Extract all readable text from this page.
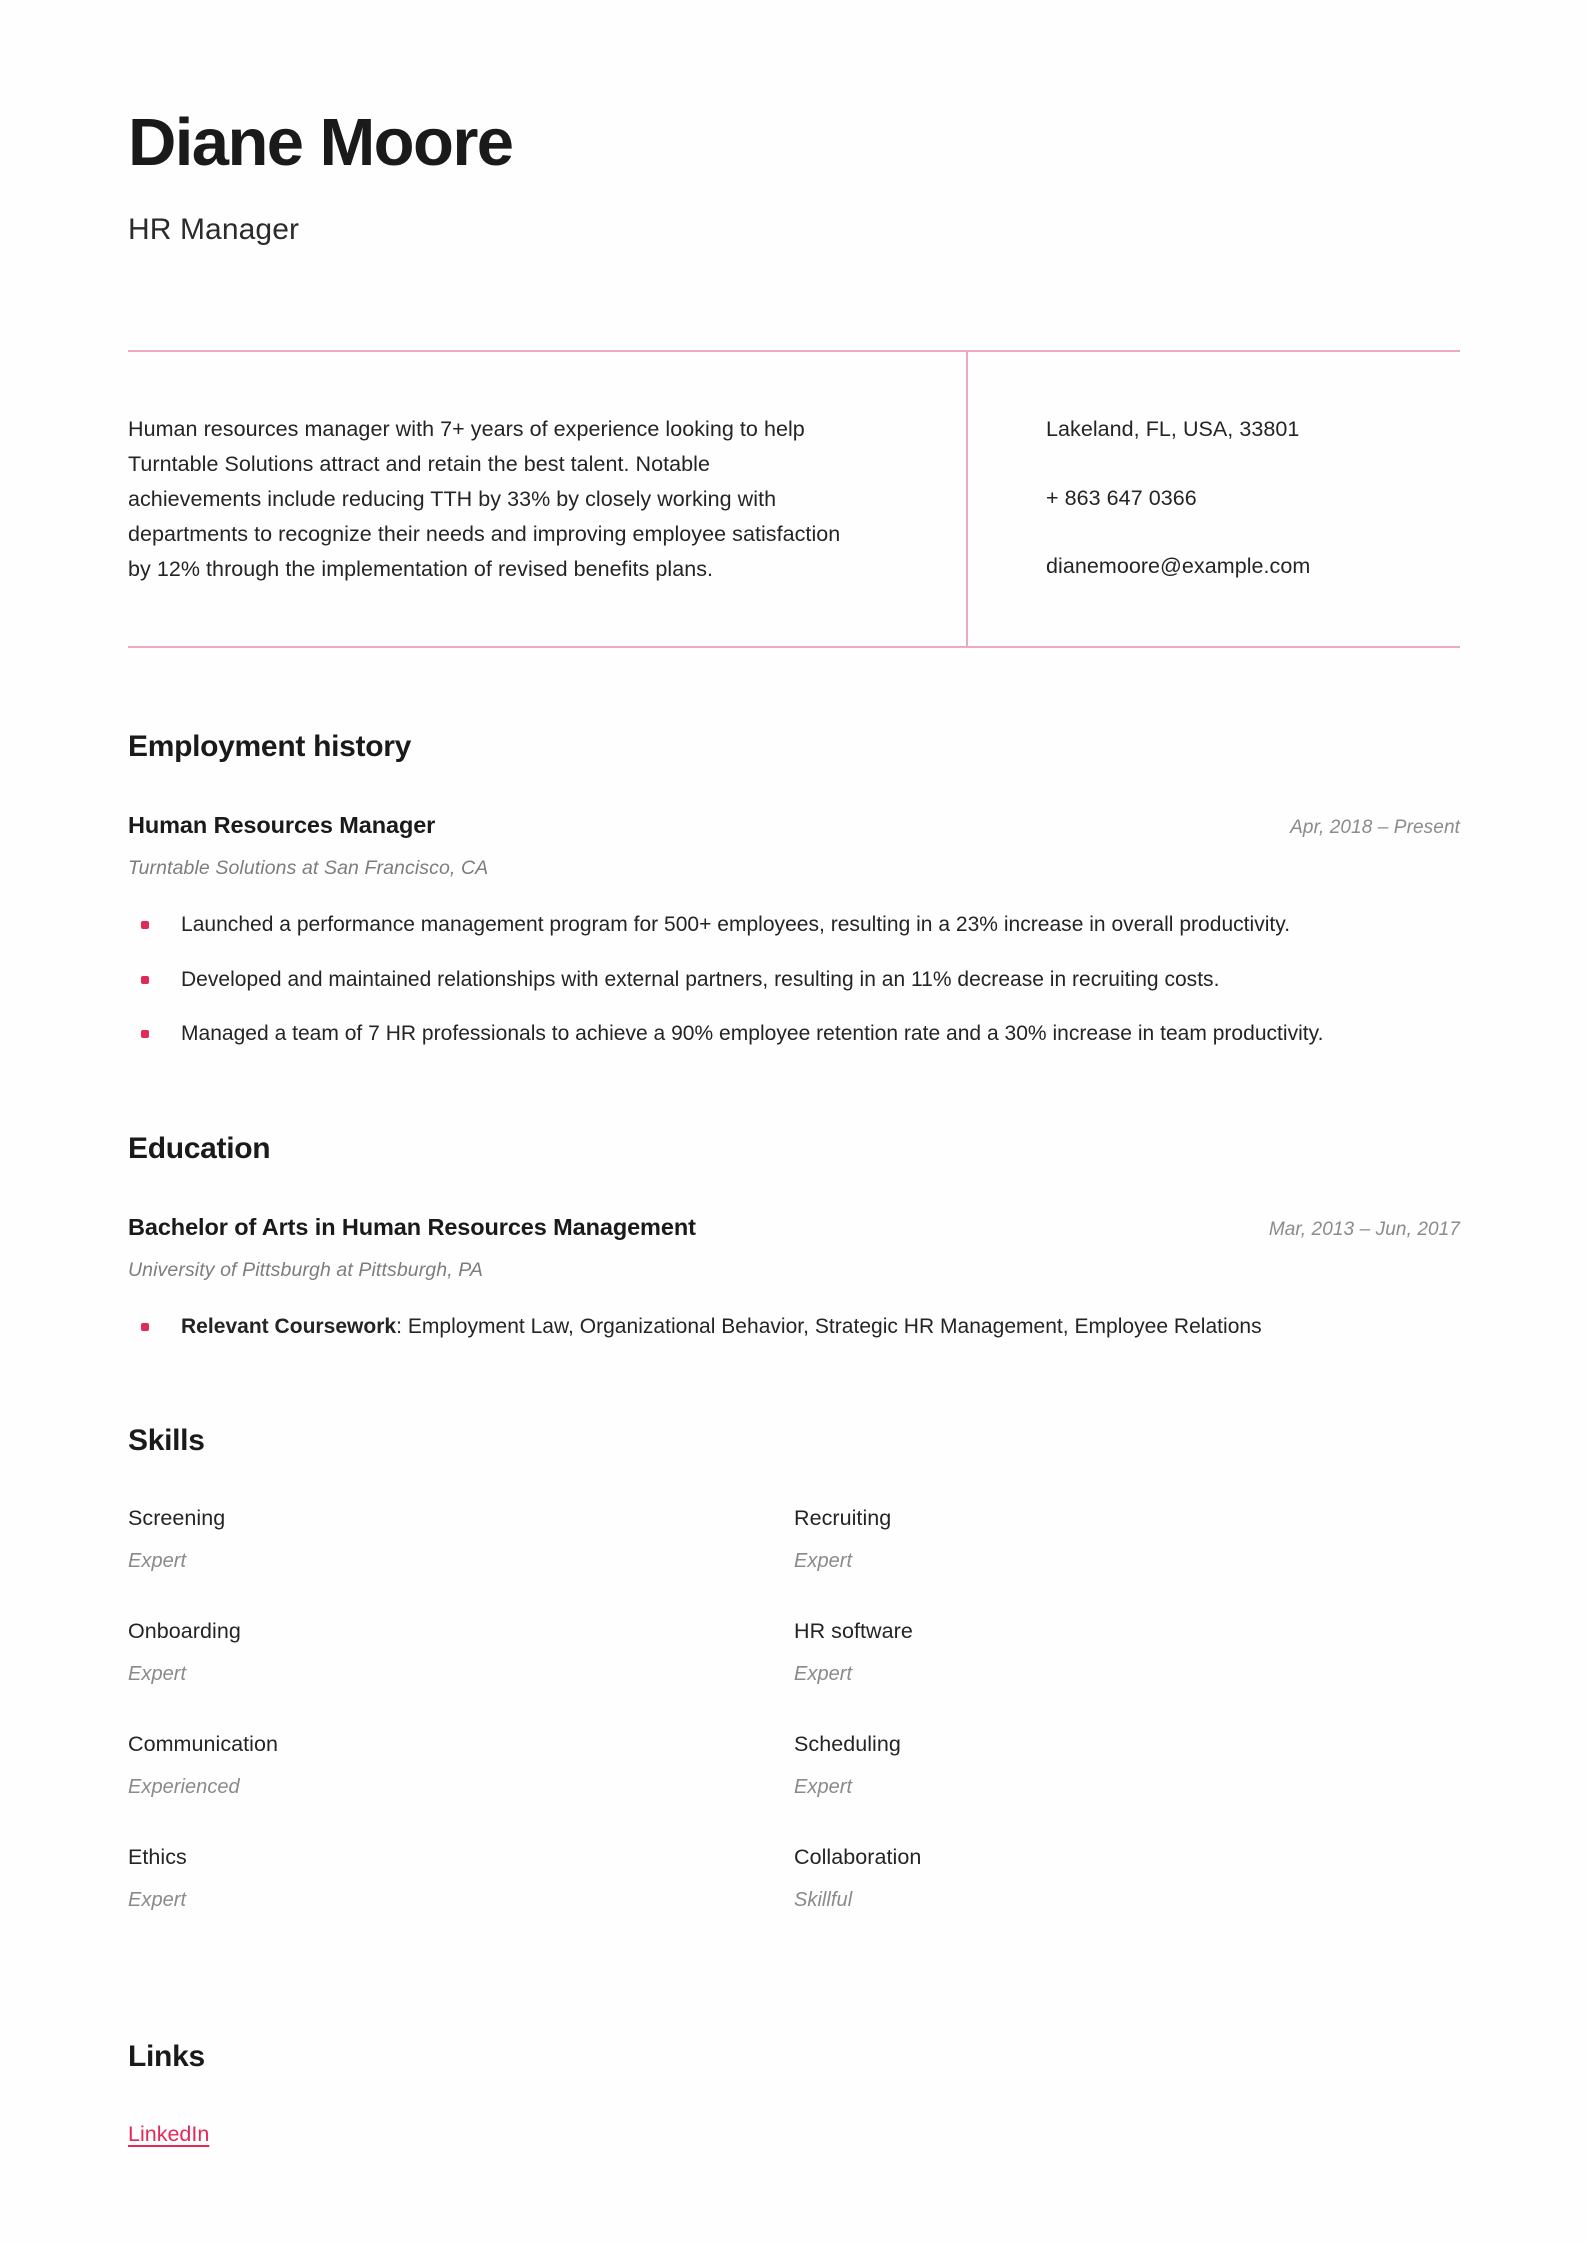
Diane Moore
HR Manager

Human resources manager with 7+ years of experience looking to help Turntable Solutions attract and retain the best talent. Notable achievements include reducing TTH by 33% by closely working with departments to recognize their needs and improving employee satisfaction by 12% through the implementation of revised benefits plans.

Lakeland, FL, USA, 33801

+ 863 647 0366

dianemoore@example.com

Employment history
Human Resources Manager	Apr, 2018 – Present

Turntable Solutions at San Francisco, CA

Launched a performance management program for 500+ employees, resulting in a 23% increase in overall productivity.
Developed and maintained relationships with external partners, resulting in an 11% decrease in recruiting costs.
Managed a team of 7 HR professionals to achieve a 90% employee retention rate and a 30% increase in team productivity.
Education
Bachelor of Arts in Human Resources Management	Mar, 2013 – Jun, 2017

University of Pittsburgh at Pittsburgh, PA

Relevant Coursework: Employment Law, Organizational Behavior, Strategic HR Management, Employee Relations
Skills

Screening

Expert

Recruiting

Expert

Onboarding

Expert

HR software

Expert

Communication

Experienced

Scheduling

Expert

Ethics

Expert

Collaboration

Skillful

Links
LinkedIn
